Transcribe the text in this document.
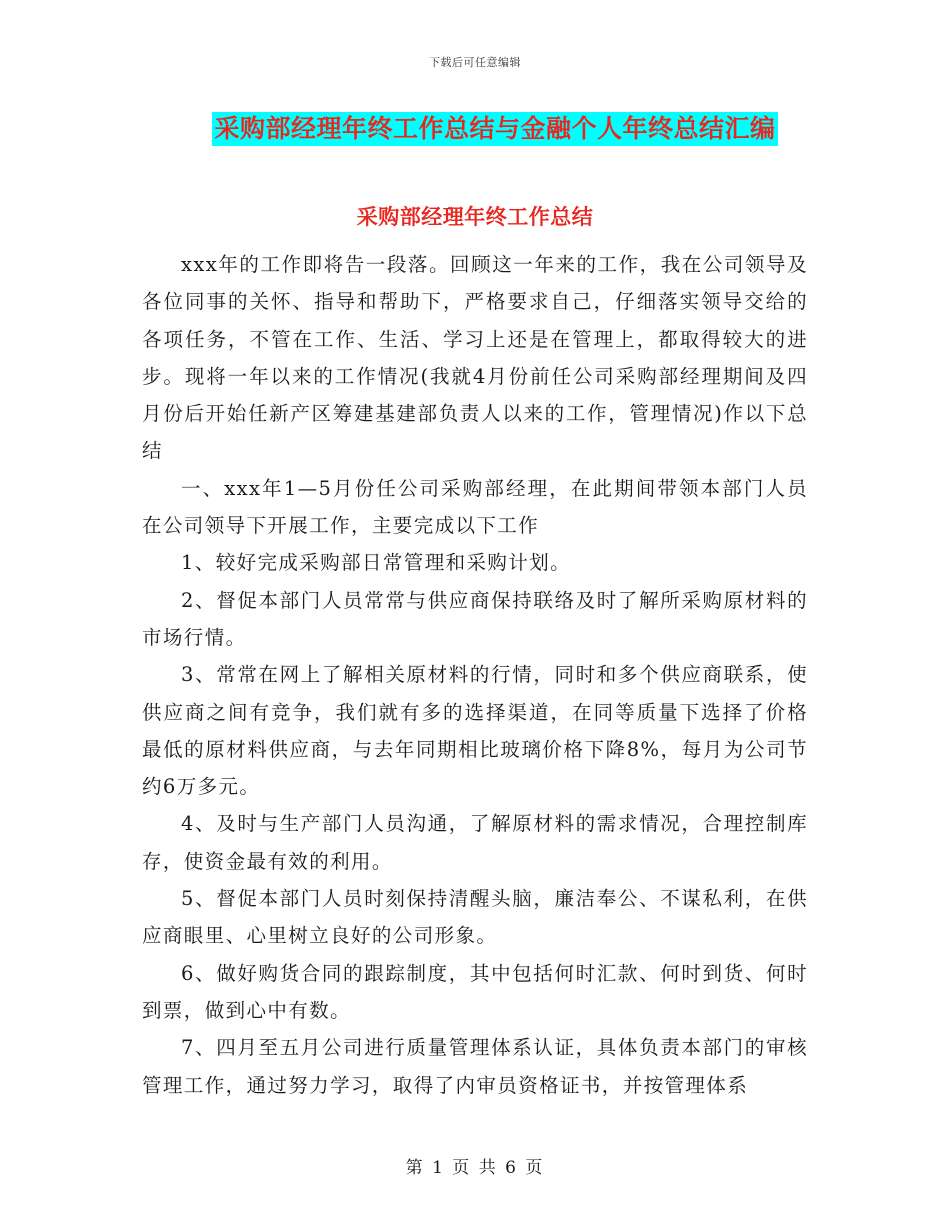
下载后可任意编辑
采购部经理年终工作总结与金融个人年终总结汇编
采购部经理年终工作总结

xxx年的工作即将告一段落。回顾这一年来的工作，我在公司领导及各位同事的关怀、指导和帮助下，严格要求自己，仔细落实领导交给的各项任务，不管在工作、生活、学习上还是在管理上，都取得较大的进步。现将一年以来的工作情况(我就4月份前任公司采购部经理期间及四月份后开始任新产区筹建基建部负责人以来的工作，管理情况)作以下总结

一、xxx年1—5月份任公司采购部经理，在此期间带领本部门人员在公司领导下开展工作，主要完成以下工作

1、较好完成采购部日常管理和采购计划。

2、督促本部门人员常常与供应商保持联络及时了解所采购原材料的市场行情。

3、常常在网上了解相关原材料的行情，同时和多个供应商联系，使供应商之间有竞争，我们就有多的选择渠道，在同等质量下选择了价格最低的原材料供应商，与去年同期相比玻璃价格下降8%，每月为公司节约6万多元。

4、及时与生产部门人员沟通，了解原材料的需求情况，合理控制库存，使资金最有效的利用。

5、督促本部门人员时刻保持清醒头脑，廉洁奉公、不谋私利，在供应商眼里、心里树立良好的公司形象。

6、做好购货合同的跟踪制度，其中包括何时汇款、何时到货、何时到票，做到心中有数。

7、四月至五月公司进行质量管理体系认证，具体负责本部门的审核管理工作，通过努力学习，取得了内审员资格证书，并按管理体系

第 1 页 共 6 页
